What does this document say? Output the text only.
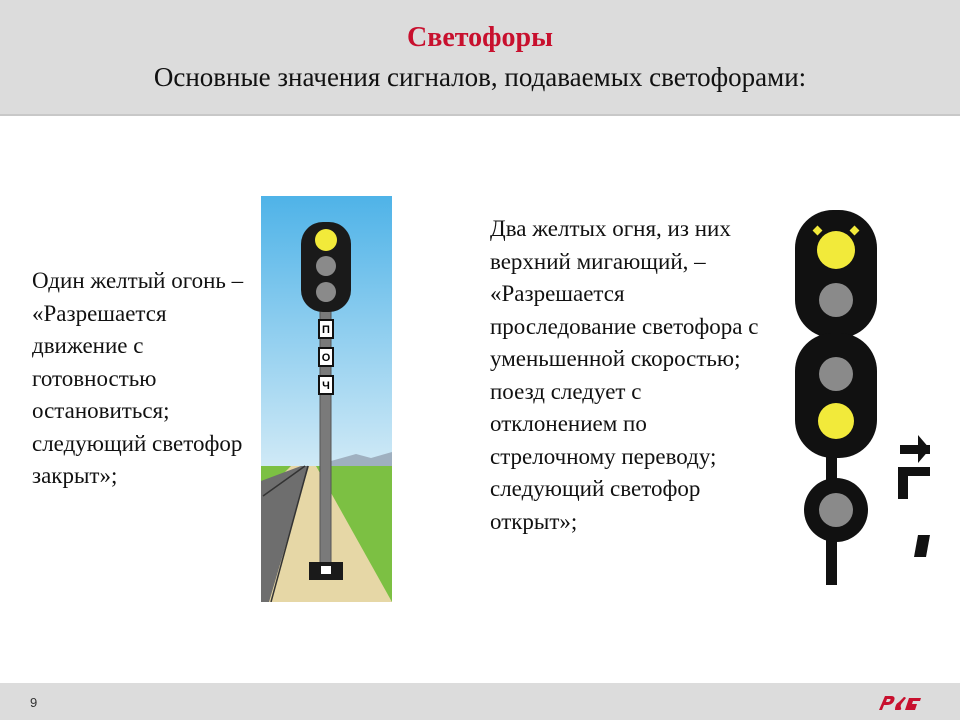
Светофоры
Основные значения сигналов, подаваемых светофорами:
Один желтый огонь – «Разрешается движение с готовностью остановиться; следующий светофор закрыт»;
П
О
Ч
Два желтых огня, из них верхний мигающий, – «Разрешается проследование светофора с уменьшенной скоростью; поезд следует с отклонением по стрелочному переводу; следующий светофор открыт»;
9
